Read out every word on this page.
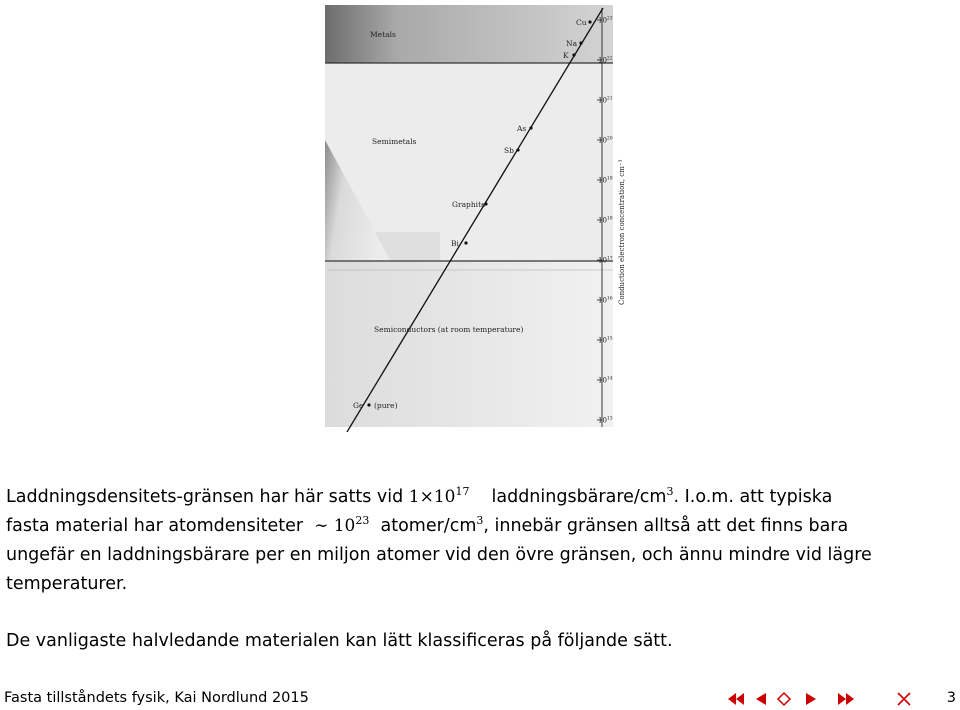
$10^{23}$
$10^{22}$
$10^{21}$
$10^{20}$
$10^{19}$
$10^{18}$
$10^{17}$
$10^{16}$
$10^{15}$
$10^{14}$
$10^{13}$
Metals
Semimetals
Semiconductors (at room temperature)
Cu
Na
K
As
Sb
Graphite
Bi
Ge (pure)
Conduction electron concentration, cm⁻³
Laddningsdensitets-gränsen har här satts vid $1\times 10^{17}$ laddningsbärare/$cm^3$. I.o.m. att typiska
fasta material har atomdensiteter ∼ $10^{23}$ atomer/$cm^3$, innebär gränsen alltså att det finns bara
ungefär en laddningsbärare per en miljon atomer vid den övre gränsen, och ännu mindre vid lägre
temperaturer.
De vanligaste halvledande materialen kan lätt klassificeras på följande sätt.
Fasta tillståndets fysik, Kai Nordlund 2015	3
